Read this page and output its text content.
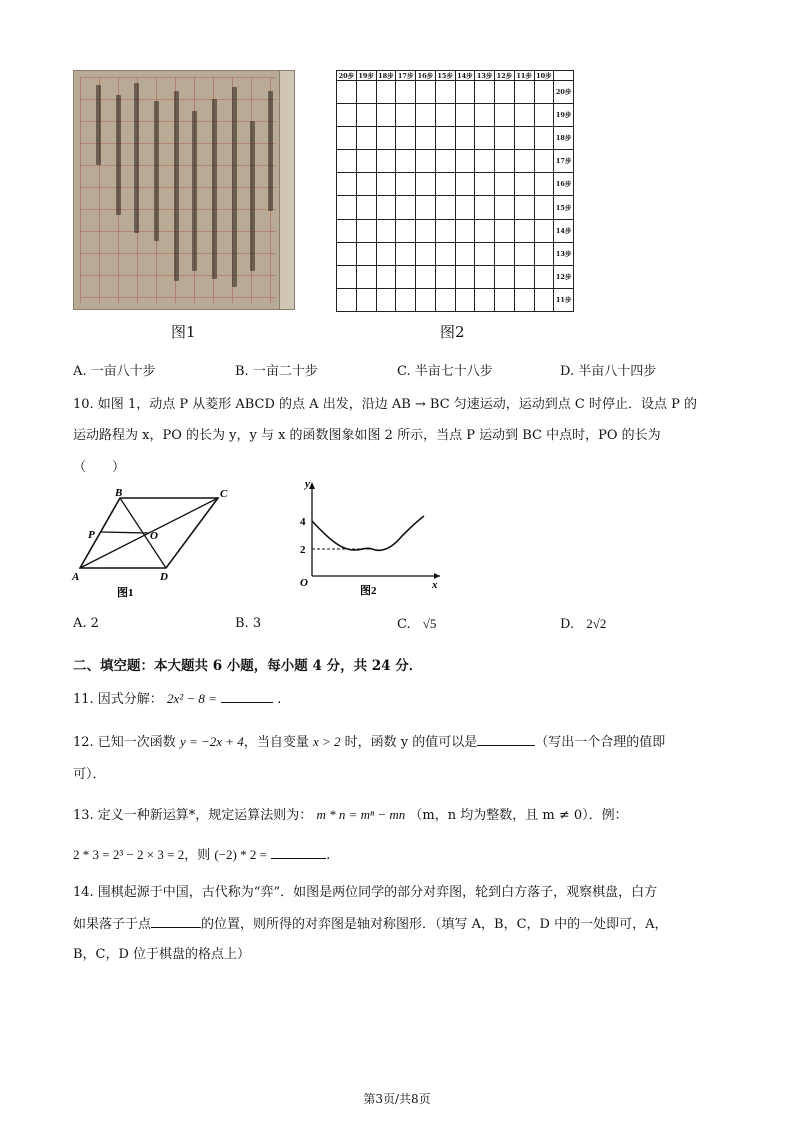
20步	19步	18步	17步	16步	15步	14步	13步	12步	11步	10步	
											20步
											19步
											18步
											17步
											16步
											15步
											14步
											13步
											12步
											11步
图1	图2
A. 一亩八十步	B. 一亩二十步	C. 半亩七十八步	D. 半亩八十四步
10. 如图 1，动点 P 从菱形 ABCD 的点 A 出发，沿边 AB → BC 匀速运动，运动到点 C 时停止．设点 P 的
运动路程为 x，PO 的长为 y，y 与 x 的函数图象如图 2 所示，当点 P 运动到 BC 中点时，PO 的长为
（　　）
A
B	C
D
O
P
图1
y
x
O
4
2
图2
A. 2	B. 3	C. √5	D. 2√2
二、填空题：本大题共 6 小题，每小题 4 分，共 24 分．
11. 因式分解： 2x² − 8 =	.
12. 已知一次函数 y = −2x + 4，当自变量 x > 2 时，函数 y 的值可以是	（写出一个合理的值即
可）．
13. 定义一种新运算*，规定运算法则为： m * n = mⁿ − mn （m，n 均为整数，且 m ≠ 0）．例：
2 * 3 = 2³ − 2 × 3 = 2，则 (−2) * 2 =	.
14. 围棋起源于中国，古代称为“弈”．如图是两位同学的部分对弈图，轮到白方落子，观察棋盘，白方
如果落子于点	的位置，则所得的对弈图是轴对称图形．（填写 A，B，C，D 中的一处即可，A，
B，C，D 位于棋盘的格点上）
第3页/共8页
